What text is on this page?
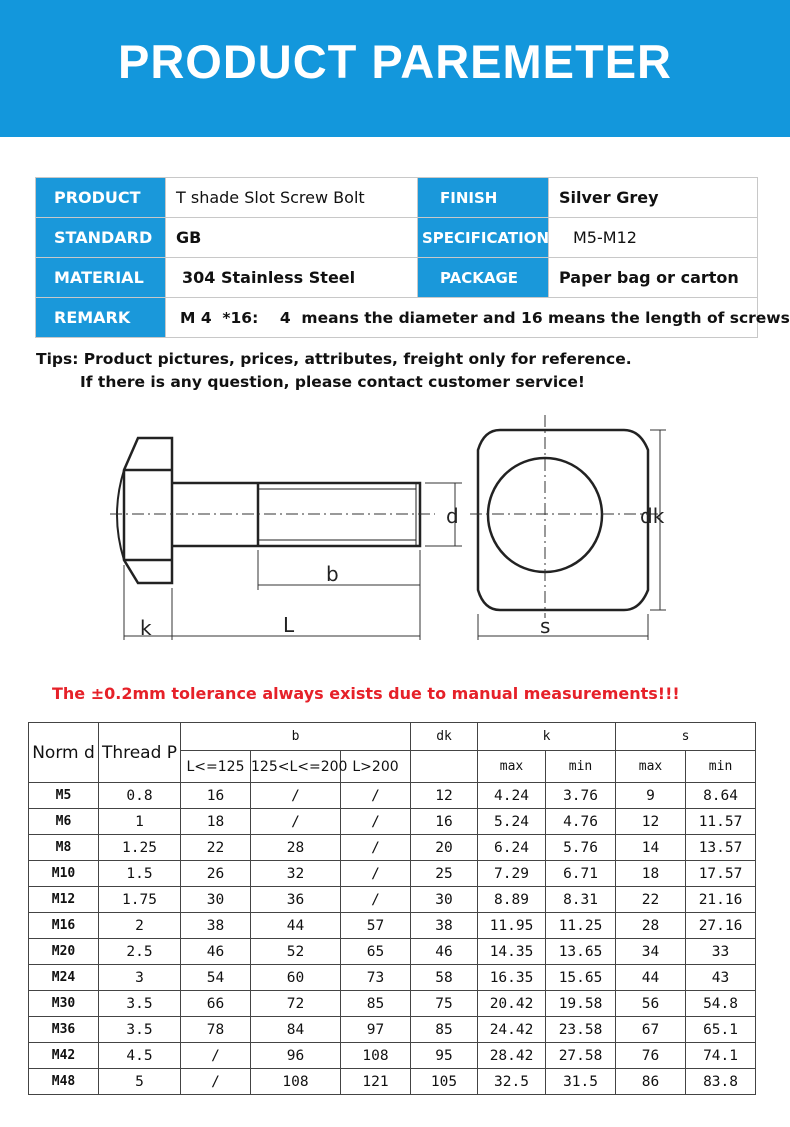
PRODUCT PAREMETER
PRODUCT	T shade Slot Screw Bolt	FINISH	Silver Grey
STANDARD	GB	SPECIFICATION	M5-M12
MATERIAL	304 Stainless Steel	PACKAGE	Paper bag or carton
REMARK	M 4  *16:    4  means the diameter and 16 means the length of screws		
Tips: Product pictures, prices, attributes, freight only for reference.
If there is any question, please contact customer service!
k	L
b
d	dk
s
The ±0.2mm tolerance always exists due to manual measurements!!!
Norm d	Thread P	b			dk	k		s	
		L<=125	125<L<=200	L>200		max	min	max	min
M5	0.8	16	/	/	12	4.24	3.76	9	8.64
M6	1	18	/	/	16	5.24	4.76	12	11.57
M8	1.25	22	28	/	20	6.24	5.76	14	13.57
M10	1.5	26	32	/	25	7.29	6.71	18	17.57
M12	1.75	30	36	/	30	8.89	8.31	22	21.16
M16	2	38	44	57	38	11.95	11.25	28	27.16
M20	2.5	46	52	65	46	14.35	13.65	34	33
M24	3	54	60	73	58	16.35	15.65	44	43
M30	3.5	66	72	85	75	20.42	19.58	56	54.8
M36	3.5	78	84	97	85	24.42	23.58	67	65.1
M42	4.5	/	96	108	95	28.42	27.58	76	74.1
M48	5	/	108	121	105	32.5	31.5	86	83.8
